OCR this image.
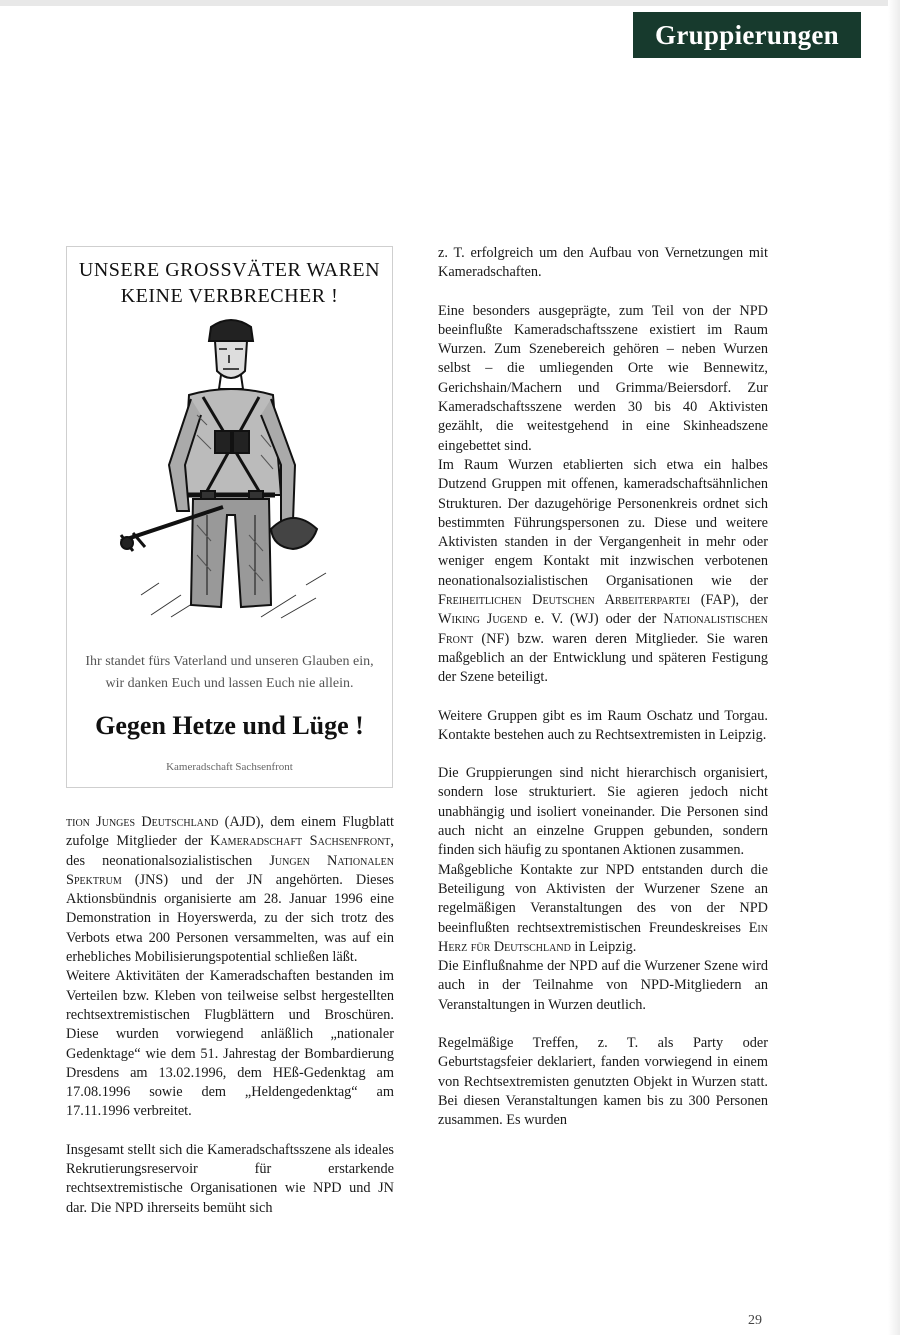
Gruppierungen
UNSERE GROSSVÄTER WAREN
KEINE VERBRECHER !
Ihr standet fürs Vaterland und unseren Glauben ein,
wir danken Euch und lassen Euch nie allein.
Gegen Hetze und Lüge !
Kameradschaft Sachsenfront

tion Junges Deutschland (AJD), dem einem Flugblatt zufolge Mitglieder der Kameradschaft Sachsenfront, des neonationalsozialistischen Jungen Nationalen Spektrum (JNS) und der JN angehörten. Dieses Aktionsbündnis organisierte am 28. Januar 1996 eine Demonstration in Hoyerswerda, zu der sich trotz des Verbots etwa 200 Personen versammelten, was auf ein erhebliches Mobilisierungspotential schließen läßt.

Weitere Aktivitäten der Kameradschaften bestanden im Verteilen bzw. Kleben von teilweise selbst hergestellten rechtsextremistischen Flugblättern und Broschüren. Diese wurden vorwiegend anläßlich „nationaler Gedenktage“ wie dem 51. Jahrestag der Bombardierung Dresdens am 13.02.1996, dem HEß-Gedenktag am 17.08.1996 sowie dem „Heldengedenktag“ am 17.11.1996 verbreitet.

Insgesamt stellt sich die Kameradschaftsszene als ideales Rekrutierungsreservoir für erstarkende rechtsextremistische Organisationen wie NPD und JN dar. Die NPD ihrerseits bemüht sich

z. T. erfolgreich um den Aufbau von Vernetzungen mit Kameradschaften.

Eine besonders ausgeprägte, zum Teil von der NPD beeinflußte Kameradschaftsszene existiert im Raum Wurzen. Zum Szenebereich gehören – neben Wurzen selbst – die umliegenden Orte wie Bennewitz, Gerichshain/Machern und Grimma/Beiersdorf. Zur Kameradschaftsszene werden 30 bis 40 Aktivisten gezählt, die weitestgehend in eine Skinheadszene eingebettet sind.

Im Raum Wurzen etablierten sich etwa ein halbes Dutzend Gruppen mit offenen, kameradschaftsähnlichen Strukturen. Der dazugehörige Personenkreis ordnet sich bestimmten Führungspersonen zu. Diese und weitere Aktivisten standen in der Vergangenheit in mehr oder weniger engem Kontakt mit inzwischen verbotenen neonationalsozialistischen Organisationen wie der Freiheitlichen Deutschen Arbeiterpartei (FAP), der Wiking Jugend e. V. (WJ) oder der Nationalistischen Front (NF) bzw. waren deren Mitglieder. Sie waren maßgeblich an der Entwicklung und späteren Festigung der Szene beteiligt.

Weitere Gruppen gibt es im Raum Oschatz und Torgau. Kontakte bestehen auch zu Rechtsextremisten in Leipzig.

Die Gruppierungen sind nicht hierarchisch organisiert, sondern lose strukturiert. Sie agieren jedoch nicht unabhängig und isoliert voneinander. Die Personen sind auch nicht an einzelne Gruppen gebunden, sondern finden sich häufig zu spontanen Aktionen zusammen.

Maßgebliche Kontakte zur NPD entstanden durch die Beteiligung von Aktivisten der Wurzener Szene an regelmäßigen Veranstaltungen des von der NPD beeinflußten rechtsextremistischen Freundeskreises Ein Herz für Deutschland in Leipzig.

Die Einflußnahme der NPD auf die Wurzener Szene wird auch in der Teilnahme von NPD-Mitgliedern an Veranstaltungen in Wurzen deutlich.

Regelmäßige Treffen, z. T. als Party oder Geburtstagsfeier deklariert, fanden vorwiegend in einem von Rechtsextremisten genutzten Objekt in Wurzen statt. Bei diesen Veranstaltungen kamen bis zu 300 Personen zusammen. Es wurden

29
